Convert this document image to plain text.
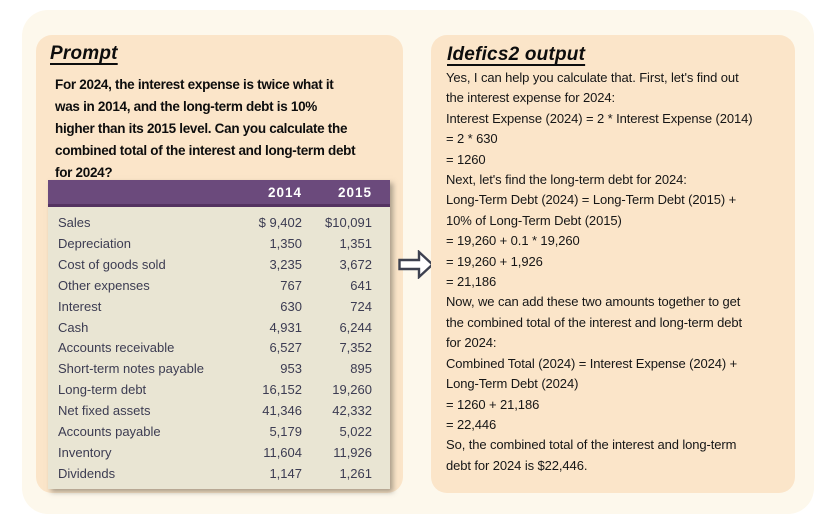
Prompt
For 2024, the interest expense is twice what it
was in 2014, and the long-term debt is 10%
higher than its 2015 level. Can you calculate the
combined total of the interest and long-term debt
for 2024?
2014	2015
Sales	$ 9,402	$10,091
Depreciation	1,350	1,351
Cost of goods sold	3,235	3,672
Other expenses	767	641
Interest	630	724
Cash	4,931	6,244
Accounts receivable	6,527	7,352
Short-term notes payable	953	895
Long-term debt	16,152	19,260
Net fixed assets	41,346	42,332
Accounts payable	5,179	5,022
Inventory	11,604	11,926
Dividends	1,147	1,261
Idefics2 output
Yes, I can help you calculate that. First, let's find out
the interest expense for 2024:
Interest Expense (2024) = 2 * Interest Expense (2014)
= 2 * 630
= 1260
Next, let's find the long-term debt for 2024:
Long-Term Debt (2024) = Long-Term Debt (2015) +
10% of Long-Term Debt (2015)
= 19,260 + 0.1 * 19,260
= 19,260 + 1,926
= 21,186
Now, we can add these two amounts together to get
the combined total of the interest and long-term debt
for 2024:
Combined Total (2024) = Interest Expense (2024) +
Long-Term Debt (2024)
= 1260 + 21,186
= 22,446
So, the combined total of the interest and long-term
debt for 2024 is $22,446.
